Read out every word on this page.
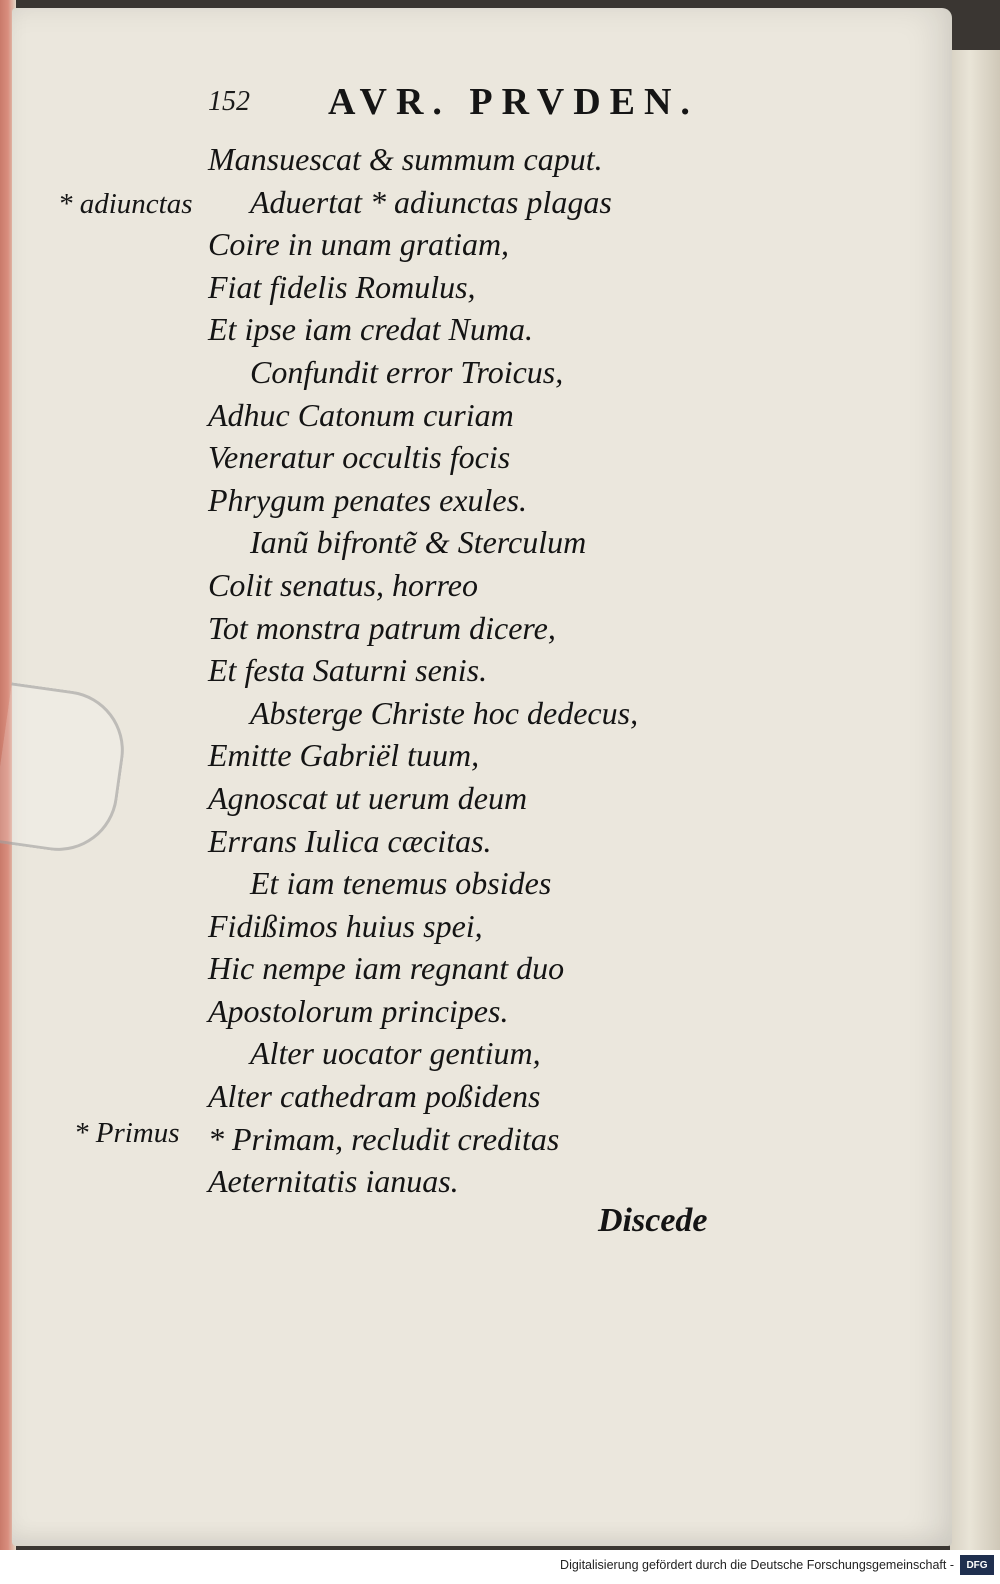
152 AVR. PRVDEN.
* adiunctas
* Primus
Mansuescat & summum caput.
Aduertat * adiunctas plagas
Coire in unam gratiam,
Fiat fidelis Romulus,
Et ipse iam credat Numa.
Confundit error Troicus,
Adhuc Catonum curiam
Veneratur occultis focis
Phrygum penates exules.
Ianũ bifrontẽ & Sterculum
Colit senatus, horreo
Tot monstra patrum dicere,
Et festa Saturni senis.
Absterge Christe hoc dedecus,
Emitte Gabriël tuum,
Agnoscat ut uerum deum
Errans Iulica cæcitas.
Et iam tenemus obsides
Fidißimos huius spei,
Hic nempe iam regnant duo
Apostolorum principes.
Alter uocator gentium,
Alter cathedram poßidens
* Primam, recludit creditas
Aeternitatis ianuas.
Discede
Digitalisierung gefördert durch die Deutsche Forschungsgemeinschaft -	DFG
